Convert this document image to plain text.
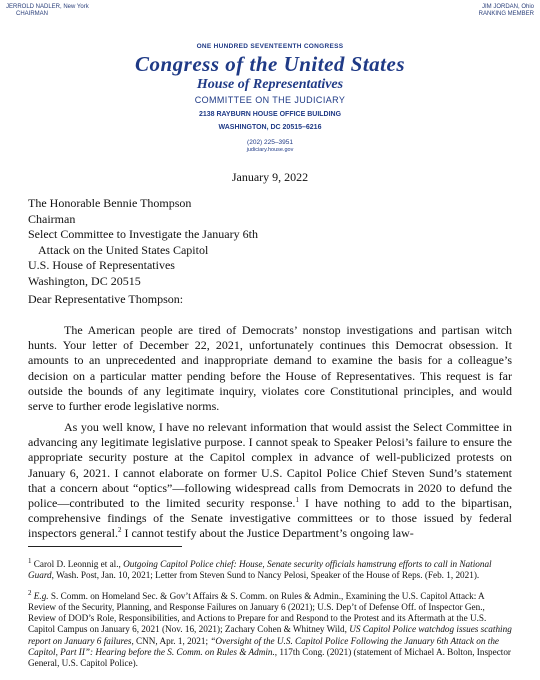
JERROLD NADLER, New York
CHAIRMAN
JIM JORDAN, Ohio
RANKING MEMBER
ONE HUNDRED SEVENTEENTH CONGRESS
Congress of the United States
House of Representatives
COMMITTEE ON THE JUDICIARY
2138 RAYBURN HOUSE OFFICE BUILDING
WASHINGTON, DC 20515–6216
(202) 225–3951
judiciary.house.gov
January 9, 2022
The Honorable Bennie Thompson
Chairman
Select Committee to Investigate the January 6th
Attack on the United States Capitol
U.S. House of Representatives
Washington, DC 20515
Dear Representative Thompson:
The American people are tired of Democrats’ nonstop investigations and partisan witch hunts. Your letter of December 22, 2021, unfortunately continues this Democrat obsession. It amounts to an unprecedented and inappropriate demand to examine the basis for a colleague’s decision on a particular matter pending before the House of Representatives. This request is far outside the bounds of any legitimate inquiry, violates core Constitutional principles, and would serve to further erode legislative norms.
As you well know, I have no relevant information that would assist the Select Committee in advancing any legitimate legislative purpose. I cannot speak to Speaker Pelosi’s failure to ensure the appropriate security posture at the Capitol complex in advance of well-publicized protests on January 6, 2021. I cannot elaborate on former U.S. Capitol Police Chief Steven Sund’s statement that a concern about “optics”—following widespread calls from Democrats in 2020 to defund the police—contributed to the limited security response.$^1$ I have nothing to add to the bipartisan, comprehensive findings of the Senate investigative committees or to those issued by federal inspectors general.$^2$ I cannot testify about the Justice Department’s ongoing law-

$^1$ Carol D. Leonnig et al., Outgoing Capitol Police chief: House, Senate security officials hamstrung efforts to call in National Guard, Wash. Post, Jan. 10, 2021; Letter from Steven Sund to Nancy Pelosi, Speaker of the House of Reps. (Feb. 1, 2021).

$^2$ E.g. S. Comm. on Homeland Sec. & Gov’t Affairs & S. Comm. on Rules & Admin., Examining the U.S. Capitol Attack: A Review of the Security, Planning, and Response Failures on January 6 (2021); U.S. Dep’t of Defense Off. of Inspector Gen., Review of DOD’s Role, Responsibilities, and Actions to Prepare for and Respond to the Protest and its Aftermath at the U.S. Capitol Campus on January 6, 2021 (Nov. 16, 2021); Zachary Cohen & Whitney Wild, US Capitol Police watchdog issues scathing report on January 6 failures, CNN, Apr. 1, 2021; “Oversight of the U.S. Capitol Police Following the January 6th Attack on the Capitol, Part II”: Hearing before the S. Comm. on Rules & Admin., 117th Cong. (2021) (statement of Michael A. Bolton, Inspector General, U.S. Capitol Police).
